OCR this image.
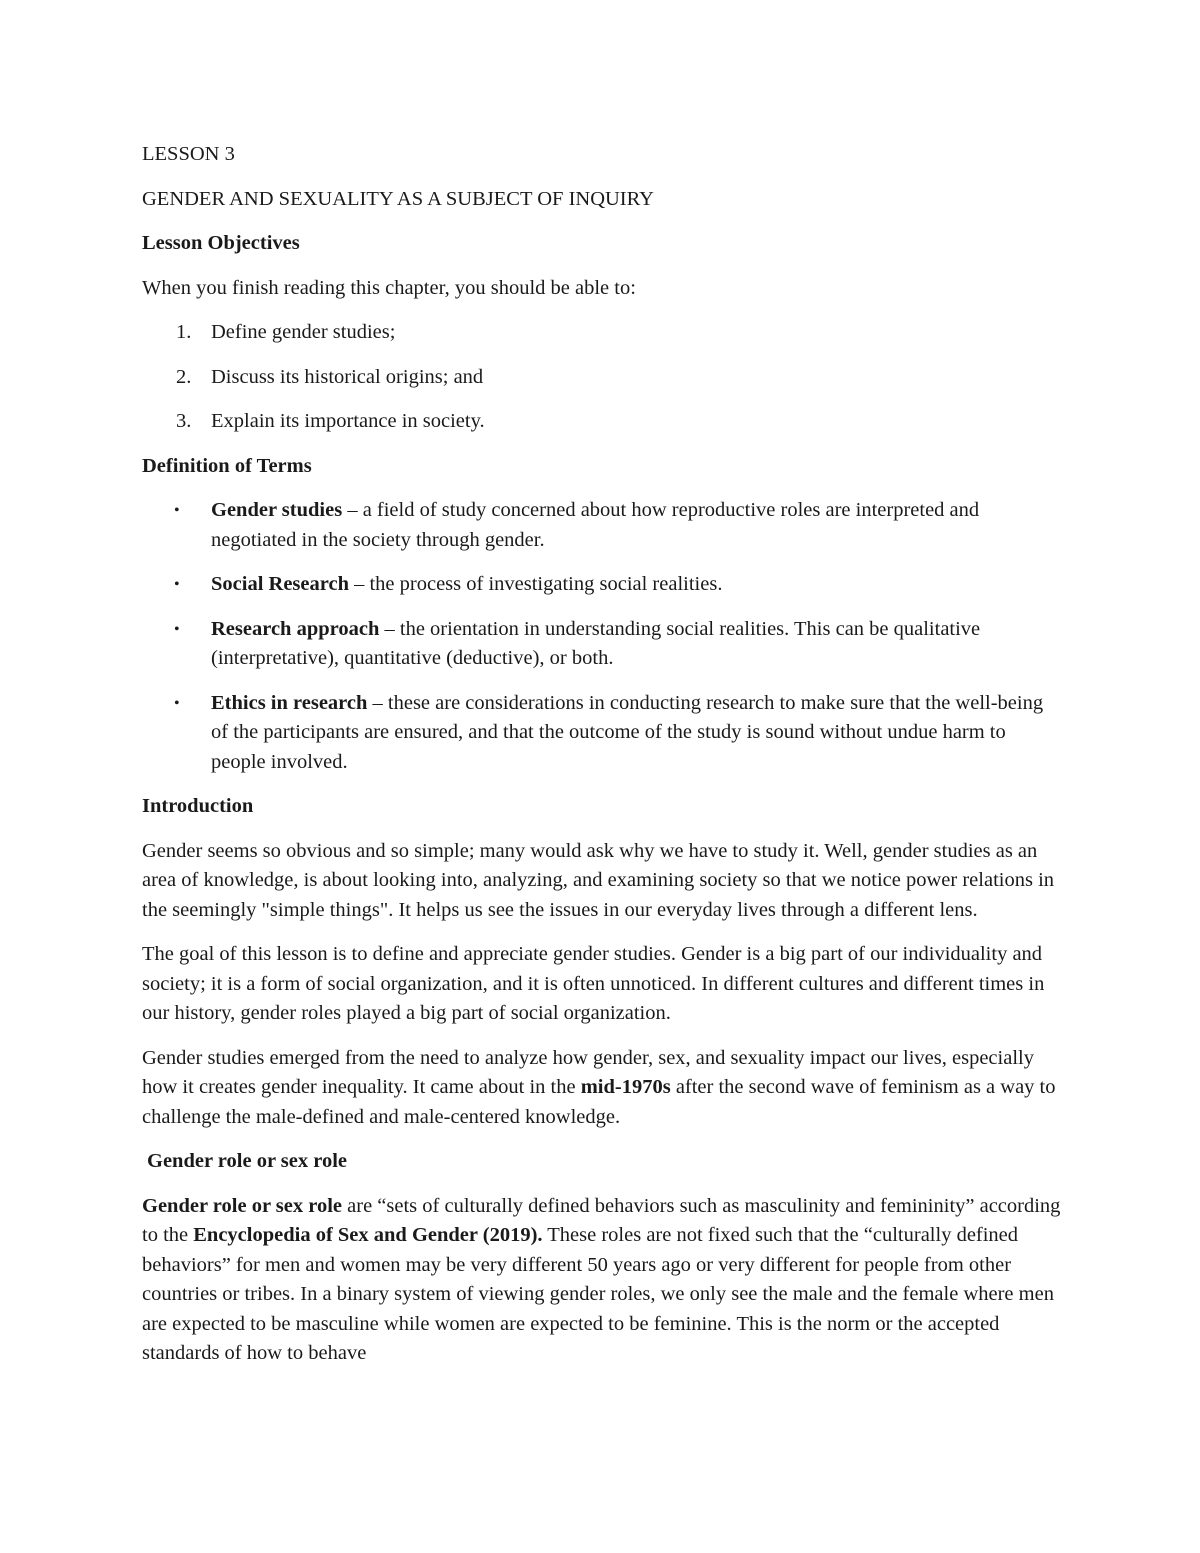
LESSON 3

GENDER AND SEXUALITY AS A SUBJECT OF INQUIRY

Lesson Objectives

When you finish reading this chapter, you should be able to:

1. Define gender studies;
2. Discuss its historical origins; and
3. Explain its importance in society.

Definition of Terms

• Gender studies – a field of study concerned about how reproductive roles are interpreted and negotiated in the society through gender.
• Social Research – the process of investigating social realities.
• Research approach – the orientation in understanding social realities. This can be qualitative (interpretative), quantitative (deductive), or both.
• Ethics in research – these are considerations in conducting research to make sure that the well-being of the participants are ensured, and that the outcome of the study is sound without undue harm to people involved.

Introduction

Gender seems so obvious and so simple; many would ask why we have to study it. Well, gender studies as an area of knowledge, is about looking into, analyzing, and examining society so that we notice power relations in the seemingly "simple things". It helps us see the issues in our everyday lives through a different lens.

The goal of this lesson is to define and appreciate gender studies. Gender is a big part of our individuality and society; it is a form of social organization, and it is often unnoticed. In different cultures and different times in our history, gender roles played a big part of social organization.

Gender studies emerged from the need to analyze how gender, sex, and sexuality impact our lives, especially how it creates gender inequality. It came about in the mid-1970s after the second wave of feminism as a way to challenge the male-defined and male-centered knowledge.

Gender role or sex role

Gender role or sex role are “sets of culturally defined behaviors such as masculinity and femininity” according to the Encyclopedia of Sex and Gender (2019). These roles are not fixed such that the “culturally defined behaviors” for men and women may be very different 50 years ago or very different for people from other countries or tribes. In a binary system of viewing gender roles, we only see the male and the female where men are expected to be masculine while women are expected to be feminine. This is the norm or the accepted standards of how to behave
